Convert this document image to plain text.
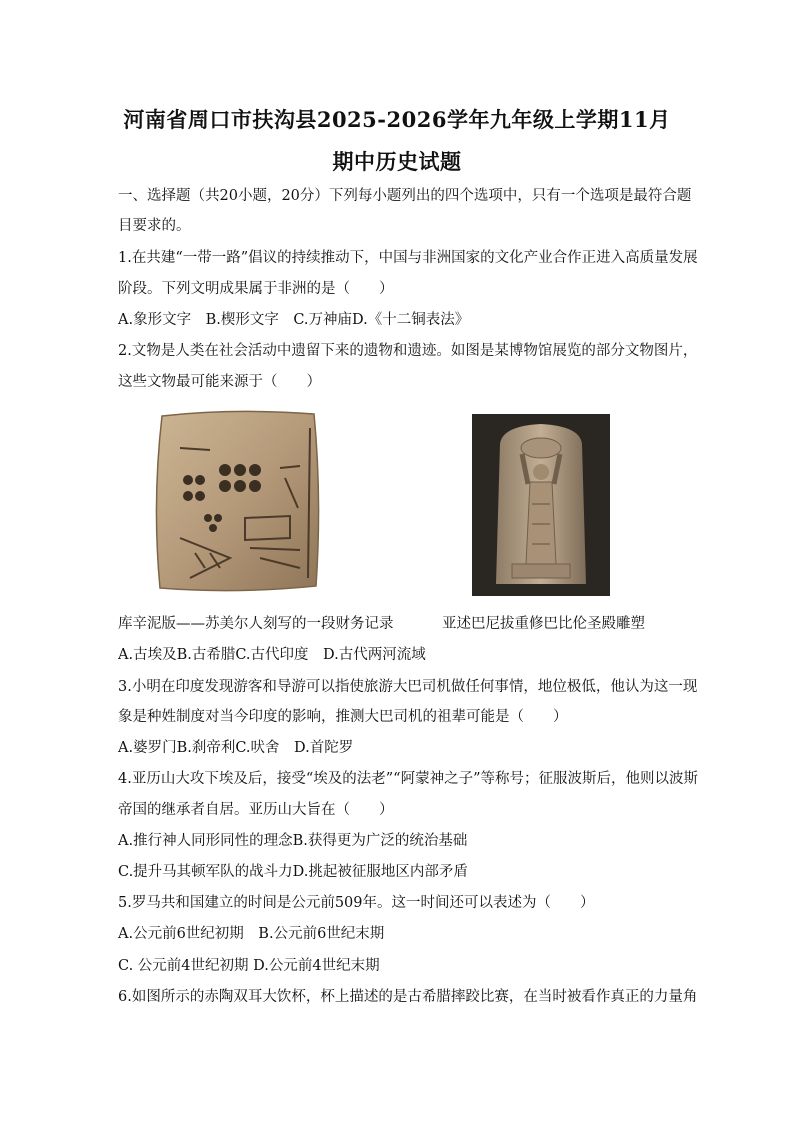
河南省周口市扶沟县2025-2026学年九年级上学期11月
期中历史试题
一、选择题（共20小题，20分）下列每小题列出的四个选项中，只有一个选项是最符合题
目要求的。
1.在共建“一带一路”倡议的持续推动下，中国与非洲国家的文化产业合作正进入高质量发展
阶段。下列文明成果属于非洲的是（　　）
A.象形文字　B.楔形文字　C.万神庙D.《十二铜表法》
2.文物是人类在社会活动中遗留下来的遗物和遗迹。如图是某博物馆展览的部分文物图片，
这些文物最可能来源于（　　）
库辛泥版——苏美尔人刻写的一段财务记录	亚述巴尼拔重修巴比伦圣殿雕塑
A.古埃及B.古希腊C.古代印度　D.古代两河流域
3.小明在印度发现游客和导游可以指使旅游大巴司机做任何事情，地位极低，他认为这一现
象是种姓制度对当今印度的影响，推测大巴司机的祖辈可能是（　　）
A.婆罗门B.刹帝利C.吠舍　D.首陀罗
4.亚历山大攻下埃及后，接受“埃及的法老”“阿蒙神之子”等称号；征服波斯后，他则以波斯
帝国的继承者自居。亚历山大旨在（　　）
A.推行神人同形同性的理念B.获得更为广泛的统治基础
C.提升马其顿军队的战斗力D.挑起被征服地区内部矛盾
5.罗马共和国建立的时间是公元前509年。这一时间还可以表述为（　　）
A.公元前6世纪初期　B.公元前6世纪末期
C. 公元前4世纪初期 D.公元前4世纪末期
6.如图所示的赤陶双耳大饮杯，杯上描述的是古希腊摔跤比赛，在当时被看作真正的力量角
